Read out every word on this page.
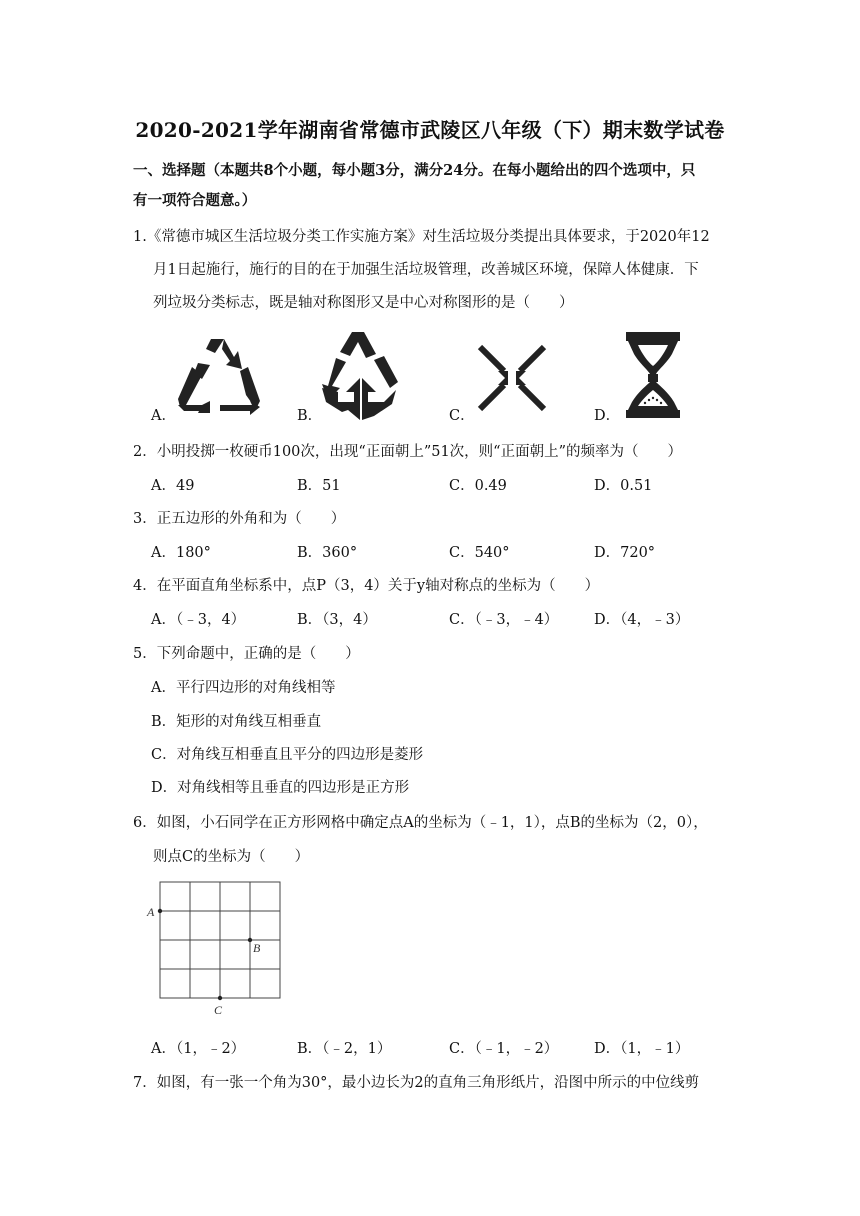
2020-2021学年湖南省常德市武陵区八年级（下）期末数学试卷
一、选择题（本题共8个小题，每小题3分，满分24分。在每小题给出的四个选项中，只
有一项符合题意。）
1.《常德市城区生活垃圾分类工作实施方案》对生活垃圾分类提出具体要求，于2020年12
月1日起施行，施行的目的在于加强生活垃圾管理，改善城区环境，保障人体健康．下
列垃圾分类标志，既是轴对称图形又是中心对称图形的是（　　）
A．	B．	C．	D．
2．小明投掷一枚硬币100次，出现“正面朝上”51次，则“正面朝上”的频率为（　　）
A．49	B．51	C．0.49	D．0.51
3．正五边形的外角和为（　　）
A．180°	B．360°	C．540°	D．720°
4．在平面直角坐标系中，点P（3，4）关于y轴对称点的坐标为（　　）
A．（﹣3，4）	B．（3，4）	C．（﹣3，﹣4） D．（4，﹣3）
5．下列命题中，正确的是（　　）
A．平行四边形的对角线相等
B．矩形的对角线互相垂直
C．对角线互相垂直且平分的四边形是菱形
D．对角线相等且垂直的四边形是正方形
6．如图，小石同学在正方形网格中确定点A的坐标为（﹣1，1），点B的坐标为（2，0），
则点C的坐标为（　　）
A
B
C
A．（1，﹣2）	B．（﹣2，1）	C．（﹣1，﹣2） D．（1，﹣1）
7．如图，有一张一个角为30°，最小边长为2的直角三角形纸片，沿图中所示的中位线剪
